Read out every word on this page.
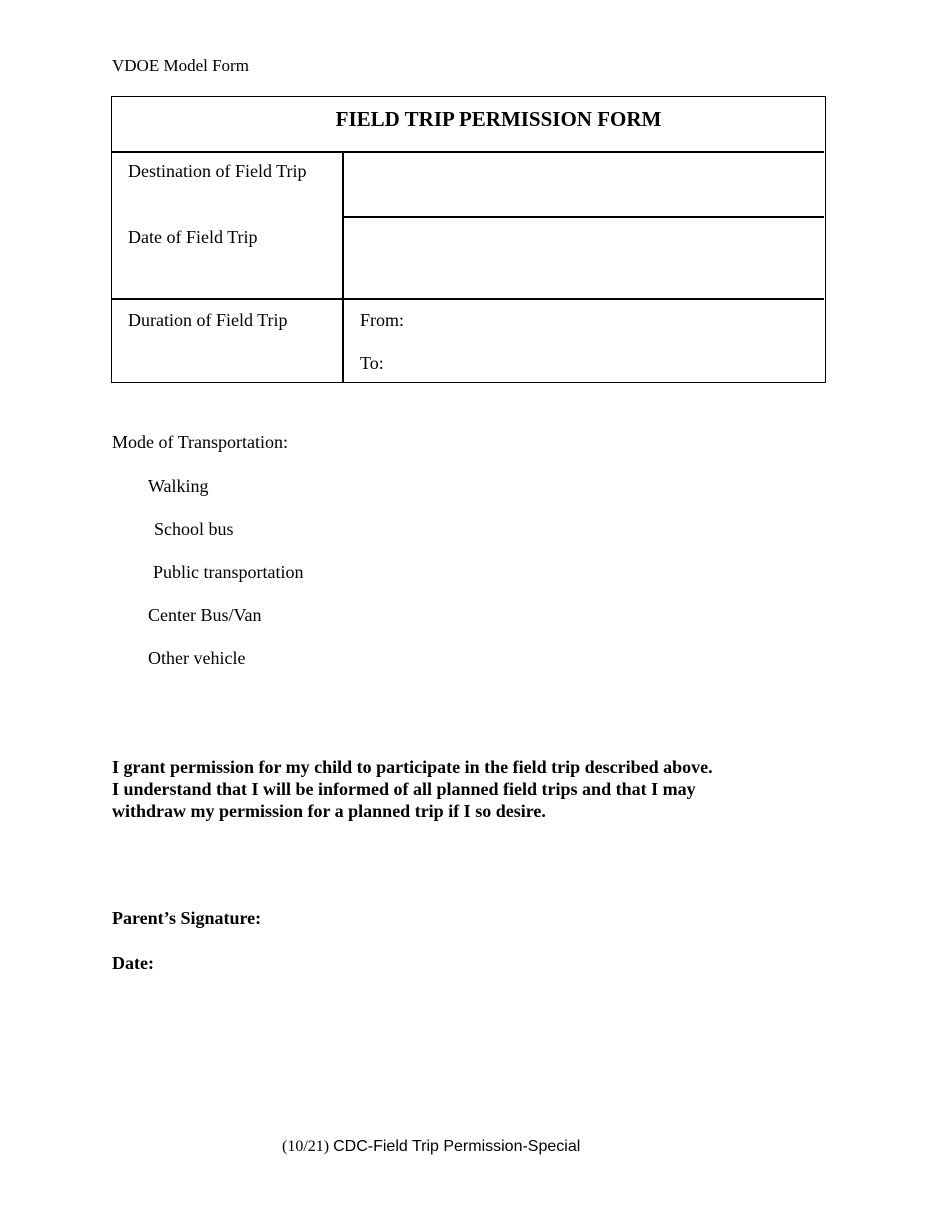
VDOE Model Form
FIELD TRIP PERMISSION FORM
Destination of Field Trip
Date of Field Trip
Duration of Field Trip	From:
To:
Mode of Transportation:
Walking
School bus
Public transportation
Center Bus/Van
Other vehicle
I grant permission for my child to participate in the field trip described above.
I understand that I will be informed of all planned field trips and that I may
withdraw my permission for a planned trip if I so desire.
Parent’s Signature:
Date:
(10/21) CDC-Field Trip Permission-Special
